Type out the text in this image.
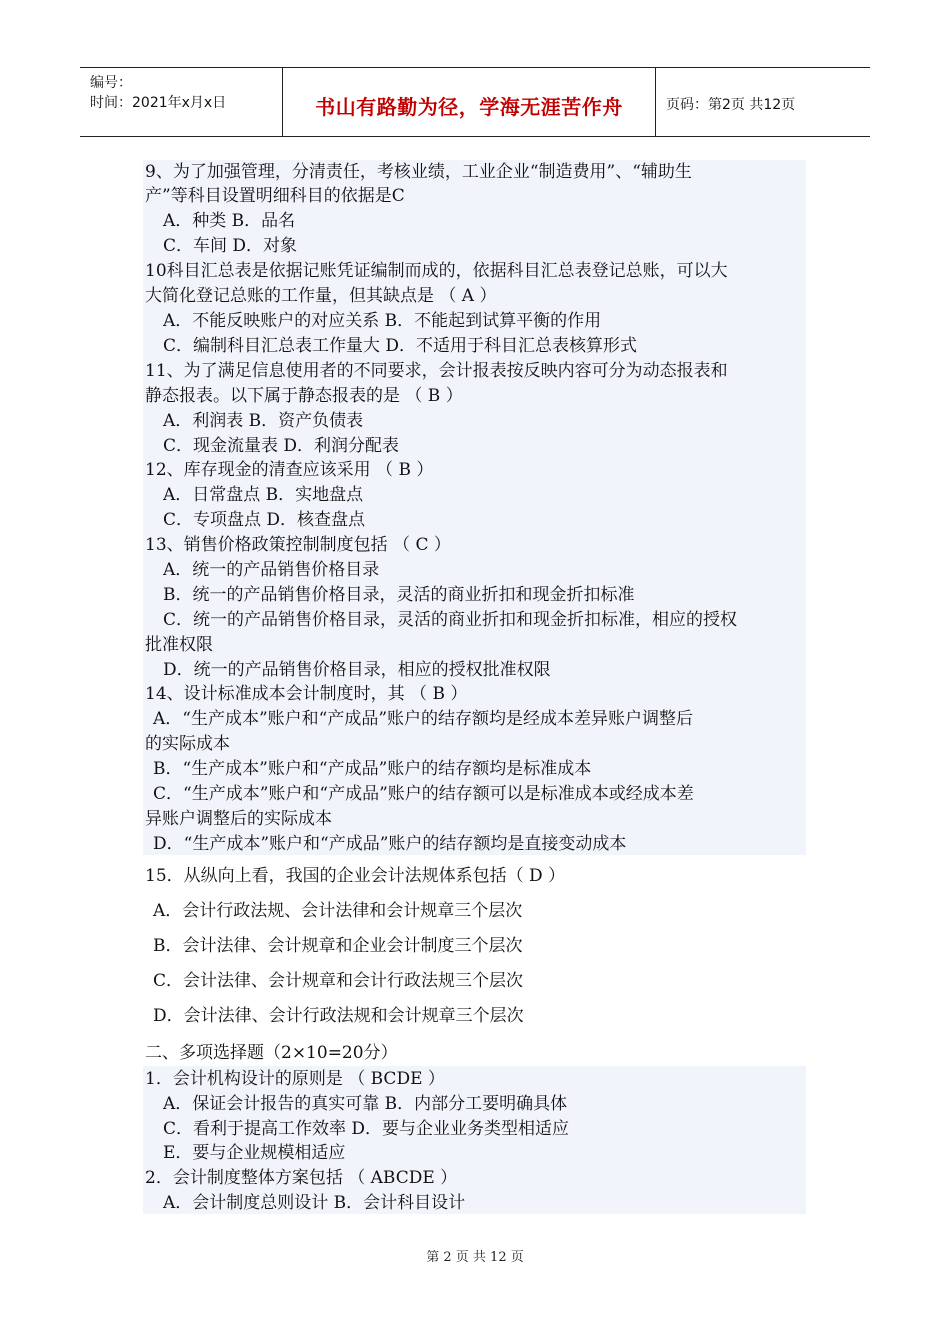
编号：
时间：2021年x月x日	书山有路勤为径，学海无涯苦作舟	页码：第2页 共12页
9、为了加强管理，分清责任，考核业绩，工业企业“制造费用”、“辅助生
产”等科目设置明细科目的依据是C
A．种类 B．品名
C．车间 D．对象
10科目汇总表是依据记账凭证编制而成的，依据科目汇总表登记总账，可以大
大简化登记总账的工作量，但其缺点是 （ A ）
A．不能反映账户的对应关系 B．不能起到试算平衡的作用
C．编制科目汇总表工作量大 D．不适用于科目汇总表核算形式
11、为了满足信息使用者的不同要求，会计报表按反映内容可分为动态报表和
静态报表。以下属于静态报表的是 （ B ）
A．利润表 B．资产负债表
C．现金流量表 D．利润分配表
12、库存现金的清查应该采用 （ B ）
A．日常盘点 B．实地盘点
C．专项盘点 D．核查盘点
13、销售价格政策控制制度包括 （ C ）
A．统一的产品销售价格目录
B．统一的产品销售价格目录，灵活的商业折扣和现金折扣标准
C．统一的产品销售价格目录，灵活的商业折扣和现金折扣标准，相应的授权
批准权限
D．统一的产品销售价格目录，相应的授权批准权限
14、设计标准成本会计制度时，其 （ B ）
A．“生产成本”账户和“产成品”账户的结存额均是经成本差异账户调整后
的实际成本
B．“生产成本”账户和“产成品”账户的结存额均是标准成本
C．“生产成本”账户和“产成品”账户的结存额可以是标准成本或经成本差
异账户调整后的实际成本
D．“生产成本”账户和“产成品”账户的结存额均是直接变动成本
15．从纵向上看，我国的企业会计法规体系包括（ D ）
A．会计行政法规、会计法律和会计规章三个层次
B．会计法律、会计规章和企业会计制度三个层次
C．会计法律、会计规章和会计行政法规三个层次
D．会计法律、会计行政法规和会计规章三个层次
二、多项选择题（2×10=20分）
1．会计机构设计的原则是 （ BCDE ）
A．保证会计报告的真实可靠 B．内部分工要明确具体
C．看利于提高工作效率 D．要与企业业务类型相适应
E．要与企业规模相适应
2．会计制度整体方案包括 （ ABCDE ）
A．会计制度总则设计 B．会计科目设计
第 2 页 共 12 页
